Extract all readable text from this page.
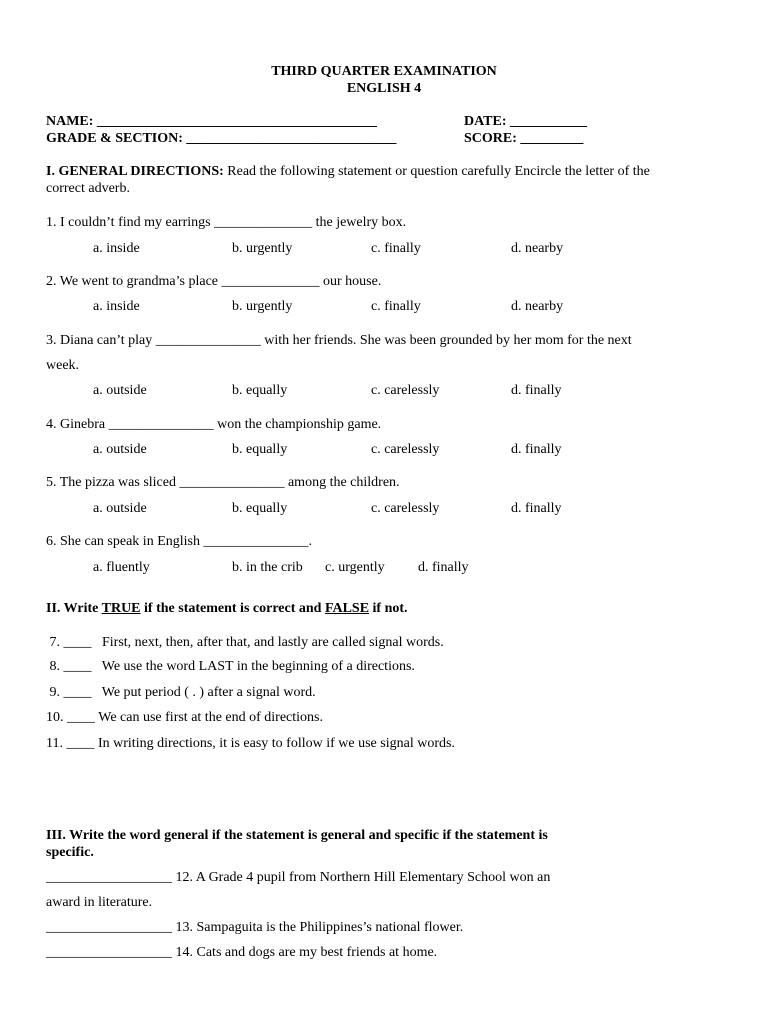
THIRD QUARTER EXAMINATION
ENGLISH 4
NAME: ________________________________________	DATE: ___________
GRADE & SECTION: ______________________________	SCORE: _________
I. GENERAL DIRECTIONS: Read the following statement or question carefully Encircle the letter of the
correct adverb.
1. I couldn’t find my earrings ______________ the jewelry box.
a. inside	b. urgently	c. finally	d. nearby
2. We went to grandma’s place ______________ our house.
a. inside	b. urgently	c. finally	d. nearby
3. Diana can’t play _______________ with her friends. She was been grounded by her mom for the next
week.
a. outside	b. equally	c. carelessly	d. finally
4. Ginebra _______________ won the championship game.
a. outside	b. equally	c. carelessly	d. finally
5. The pizza was sliced _______________ among the children.
a. outside	b. equally	c. carelessly	d. finally
6. She can speak in English _______________.
a. fluently	b. in the crib c. urgently d. finally
II. Write TRUE if the statement is correct and FALSE if not.
7. ____   First, next, then, after that, and lastly are called signal words.
8. ____   We use the word LAST in the beginning of a directions.
9. ____   We put period ( . ) after a signal word.
10. ____ We can use first at the end of directions.
11. ____ In writing directions, it is easy to follow if we use signal words.
III. Write the word general if the statement is general and specific if the statement is
specific.
__________________ 12. A Grade 4 pupil from Northern Hill Elementary School won an
award in literature.
__________________ 13. Sampaguita is the Philippines’s national flower.
__________________ 14. Cats and dogs are my best friends at home.
